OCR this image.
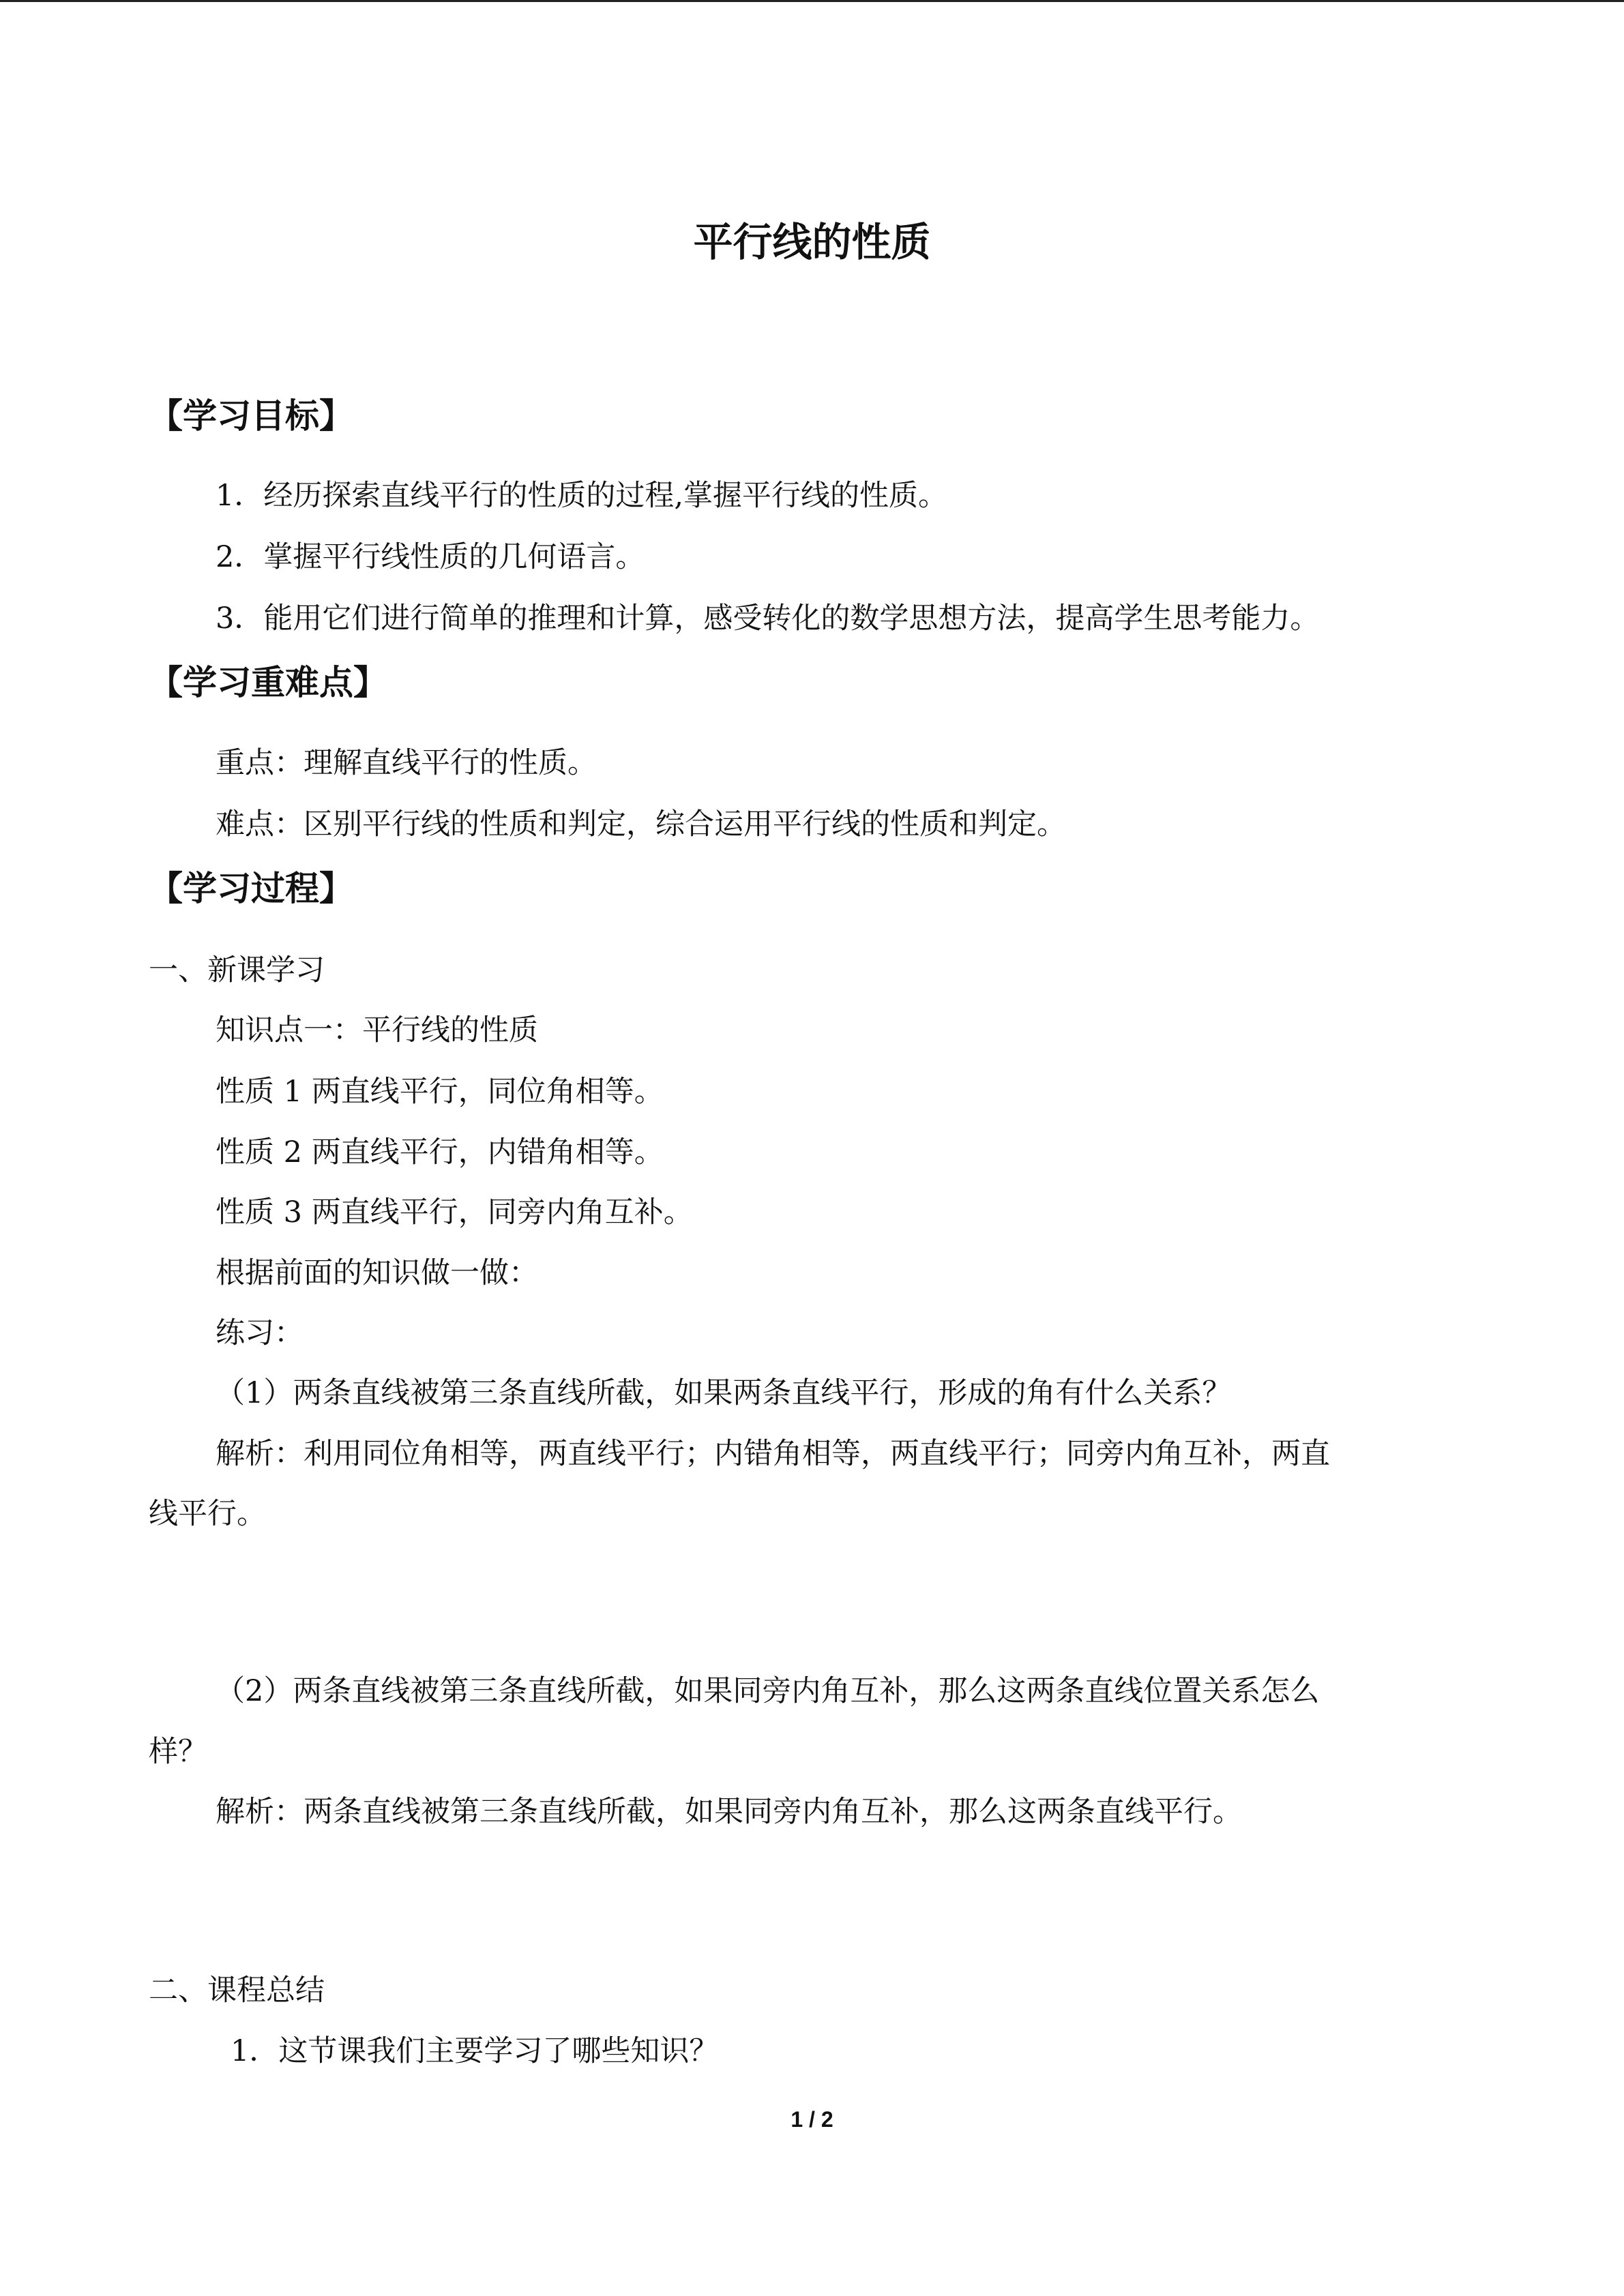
平行线的性质
【学习目标】
1．经历探索直线平行的性质的过程,掌握平行线的性质。
2．掌握平行线性质的几何语言。
3．能用它们进行简单的推理和计算，感受转化的数学思想方法，提高学生思考能力。
【学习重难点】
重点：理解直线平行的性质。
难点：区别平行线的性质和判定，综合运用平行线的性质和判定。
【学习过程】
一、新课学习
知识点一：平行线的性质
性质 1 两直线平行，同位角相等。
性质 2 两直线平行，内错角相等。
性质 3 两直线平行，同旁内角互补。
根据前面的知识做一做：
练习：
（1）两条直线被第三条直线所截，如果两条直线平行，形成的角有什么关系？
解析：利用同位角相等，两直线平行；内错角相等，两直线平行；同旁内角互补，两直
线平行。
（2）两条直线被第三条直线所截，如果同旁内角互补，那么这两条直线位置关系怎么
样？
解析：两条直线被第三条直线所截，如果同旁内角互补，那么这两条直线平行。
二、课程总结
1．这节课我们主要学习了哪些知识？
1 / 2
